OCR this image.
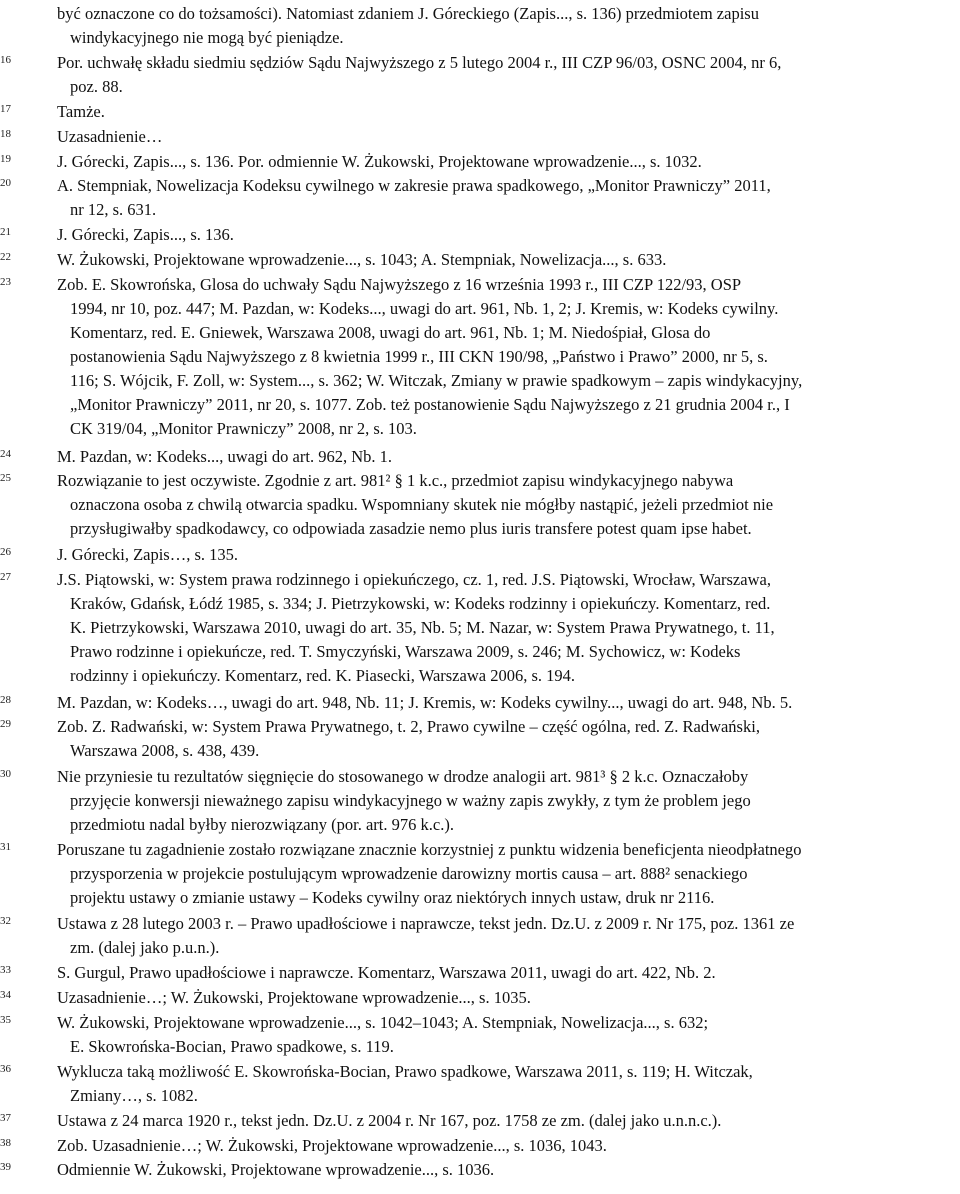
być oznaczone co do tożsamości). Natomiast zdaniem J. Góreckiego (Zapis..., s. 136) przedmiotem zapisu
windykacyjnego nie mogą być pieniądze.
16	Por. uchwałę składu siedmiu sędziów Sądu Najwyższego z 5 lutego 2004 r., III CZP 96/03, OSNC 2004, nr 6,
poz. 88.
17	Tamże.
18	Uzasadnienie…
19	J. Górecki, Zapis..., s. 136. Por. odmiennie W. Żukowski, Projektowane wprowadzenie..., s. 1032.
20	A. Stempniak, Nowelizacja Kodeksu cywilnego w zakresie prawa spadkowego, „Monitor Prawniczy” 2011,
nr 12, s. 631.
21	J. Górecki, Zapis..., s. 136.
22	W. Żukowski, Projektowane wprowadzenie..., s. 1043; A. Stempniak, Nowelizacja..., s. 633.
23	Zob. E. Skowrońska, Glosa do uchwały Sądu Najwyższego z 16 września 1993 r., III CZP 122/93, OSP
1994, nr 10, poz. 447; M. Pazdan, w: Kodeks..., uwagi do art. 961, Nb. 1, 2; J. Kremis, w: Kodeks cywilny.
Komentarz, red. E. Gniewek, Warszawa 2008, uwagi do art. 961, Nb. 1; M. Niedośpiał, Glosa do
postanowienia Sądu Najwyższego z 8 kwietnia 1999 r., III CKN 190/98, „Państwo i Prawo” 2000, nr 5, s.
116; S. Wójcik, F. Zoll, w: System..., s. 362; W. Witczak, Zmiany w prawie spadkowym – zapis windykacyjny,
„Monitor Prawniczy” 2011, nr 20, s. 1077. Zob. też postanowienie Sądu Najwyższego z 21 grudnia 2004 r., I
CK 319/04, „Monitor Prawniczy” 2008, nr 2, s. 103.
24	M. Pazdan, w: Kodeks..., uwagi do art. 962, Nb. 1.
25	Rozwiązanie to jest oczywiste. Zgodnie z art. 981² § 1 k.c., przedmiot zapisu windykacyjnego nabywa
oznaczona osoba z chwilą otwarcia spadku. Wspomniany skutek nie mógłby nastąpić, jeżeli przedmiot nie
przysługiwałby spadkodawcy, co odpowiada zasadzie nemo plus iuris transfere potest quam ipse habet.
26	J. Górecki, Zapis…, s. 135.
27	J.S. Piątowski, w: System prawa rodzinnego i opiekuńczego, cz. 1, red. J.S. Piątowski, Wrocław, Warszawa,
Kraków, Gdańsk, Łódź 1985, s. 334; J. Pietrzykowski, w: Kodeks rodzinny i opiekuńczy. Komentarz, red.
K. Pietrzykowski, Warszawa 2010, uwagi do art. 35, Nb. 5; M. Nazar, w: System Prawa Prywatnego, t. 11,
Prawo rodzinne i opiekuńcze, red. T. Smyczyński, Warszawa 2009, s. 246; M. Sychowicz, w: Kodeks
rodzinny i opiekuńczy. Komentarz, red. K. Piasecki, Warszawa 2006, s. 194.
28	M. Pazdan, w: Kodeks…, uwagi do art. 948, Nb. 11; J. Kremis, w: Kodeks cywilny..., uwagi do art. 948, Nb. 5.
29	Zob. Z. Radwański, w: System Prawa Prywatnego, t. 2, Prawo cywilne – część ogólna, red. Z. Radwański,
Warszawa 2008, s. 438, 439.
30	Nie przyniesie tu rezultatów sięgnięcie do stosowanego w drodze analogii art. 981³ § 2 k.c. Oznaczałoby
przyjęcie konwersji nieważnego zapisu windykacyjnego w ważny zapis zwykły, z tym że problem jego
przedmiotu nadal byłby nierozwiązany (por. art. 976 k.c.).
31	Poruszane tu zagadnienie zostało rozwiązane znacznie korzystniej z punktu widzenia beneficjenta nieodpłatnego
przysporzenia w projekcie postulującym wprowadzenie darowizny mortis causa – art. 888² senackiego
projektu ustawy o zmianie ustawy – Kodeks cywilny oraz niektórych innych ustaw, druk nr 2116.
32	Ustawa z 28 lutego 2003 r. – Prawo upadłościowe i naprawcze, tekst jedn. Dz.U. z 2009 r. Nr 175, poz. 1361 ze
zm. (dalej jako p.u.n.).
33	S. Gurgul, Prawo upadłościowe i naprawcze. Komentarz, Warszawa 2011, uwagi do art. 422, Nb. 2.
34	Uzasadnienie…; W. Żukowski, Projektowane wprowadzenie..., s. 1035.
35	W. Żukowski, Projektowane wprowadzenie..., s. 1042–1043; A. Stempniak, Nowelizacja..., s. 632;
E. Skowrońska-Bocian, Prawo spadkowe, s. 119.
36	Wyklucza taką możliwość E. Skowrońska-Bocian, Prawo spadkowe, Warszawa 2011, s. 119; H. Witczak,
Zmiany…, s. 1082.
37	Ustawa z 24 marca 1920 r., tekst jedn. Dz.U. z 2004 r. Nr 167, poz. 1758 ze zm. (dalej jako u.n.n.c.).
38	Zob. Uzasadnienie…; W. Żukowski, Projektowane wprowadzenie..., s. 1036, 1043.
39	Odmiennie W. Żukowski, Projektowane wprowadzenie..., s. 1036.
